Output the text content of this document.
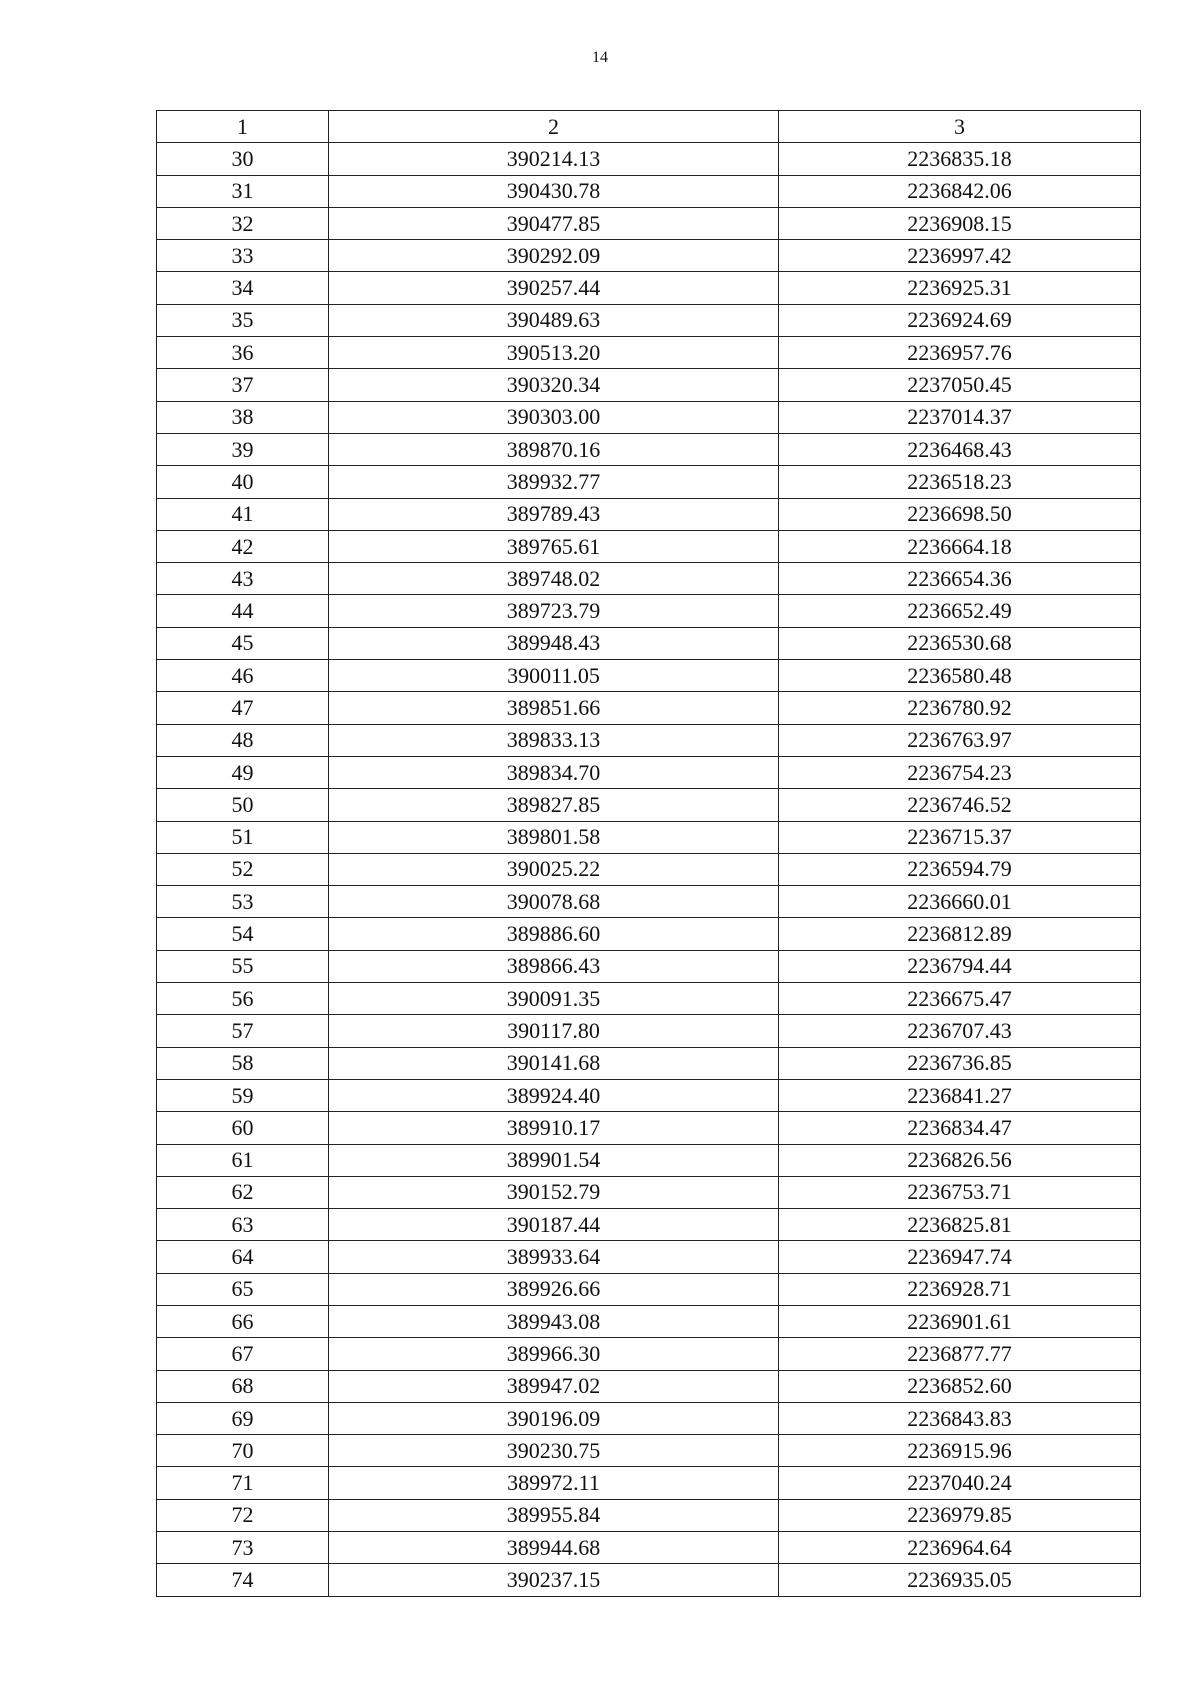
14
1	2	3
30	390214.13	2236835.18
31	390430.78	2236842.06
32	390477.85	2236908.15
33	390292.09	2236997.42
34	390257.44	2236925.31
35	390489.63	2236924.69
36	390513.20	2236957.76
37	390320.34	2237050.45
38	390303.00	2237014.37
39	389870.16	2236468.43
40	389932.77	2236518.23
41	389789.43	2236698.50
42	389765.61	2236664.18
43	389748.02	2236654.36
44	389723.79	2236652.49
45	389948.43	2236530.68
46	390011.05	2236580.48
47	389851.66	2236780.92
48	389833.13	2236763.97
49	389834.70	2236754.23
50	389827.85	2236746.52
51	389801.58	2236715.37
52	390025.22	2236594.79
53	390078.68	2236660.01
54	389886.60	2236812.89
55	389866.43	2236794.44
56	390091.35	2236675.47
57	390117.80	2236707.43
58	390141.68	2236736.85
59	389924.40	2236841.27
60	389910.17	2236834.47
61	389901.54	2236826.56
62	390152.79	2236753.71
63	390187.44	2236825.81
64	389933.64	2236947.74
65	389926.66	2236928.71
66	389943.08	2236901.61
67	389966.30	2236877.77
68	389947.02	2236852.60
69	390196.09	2236843.83
70	390230.75	2236915.96
71	389972.11	2237040.24
72	389955.84	2236979.85
73	389944.68	2236964.64
74	390237.15	2236935.05
